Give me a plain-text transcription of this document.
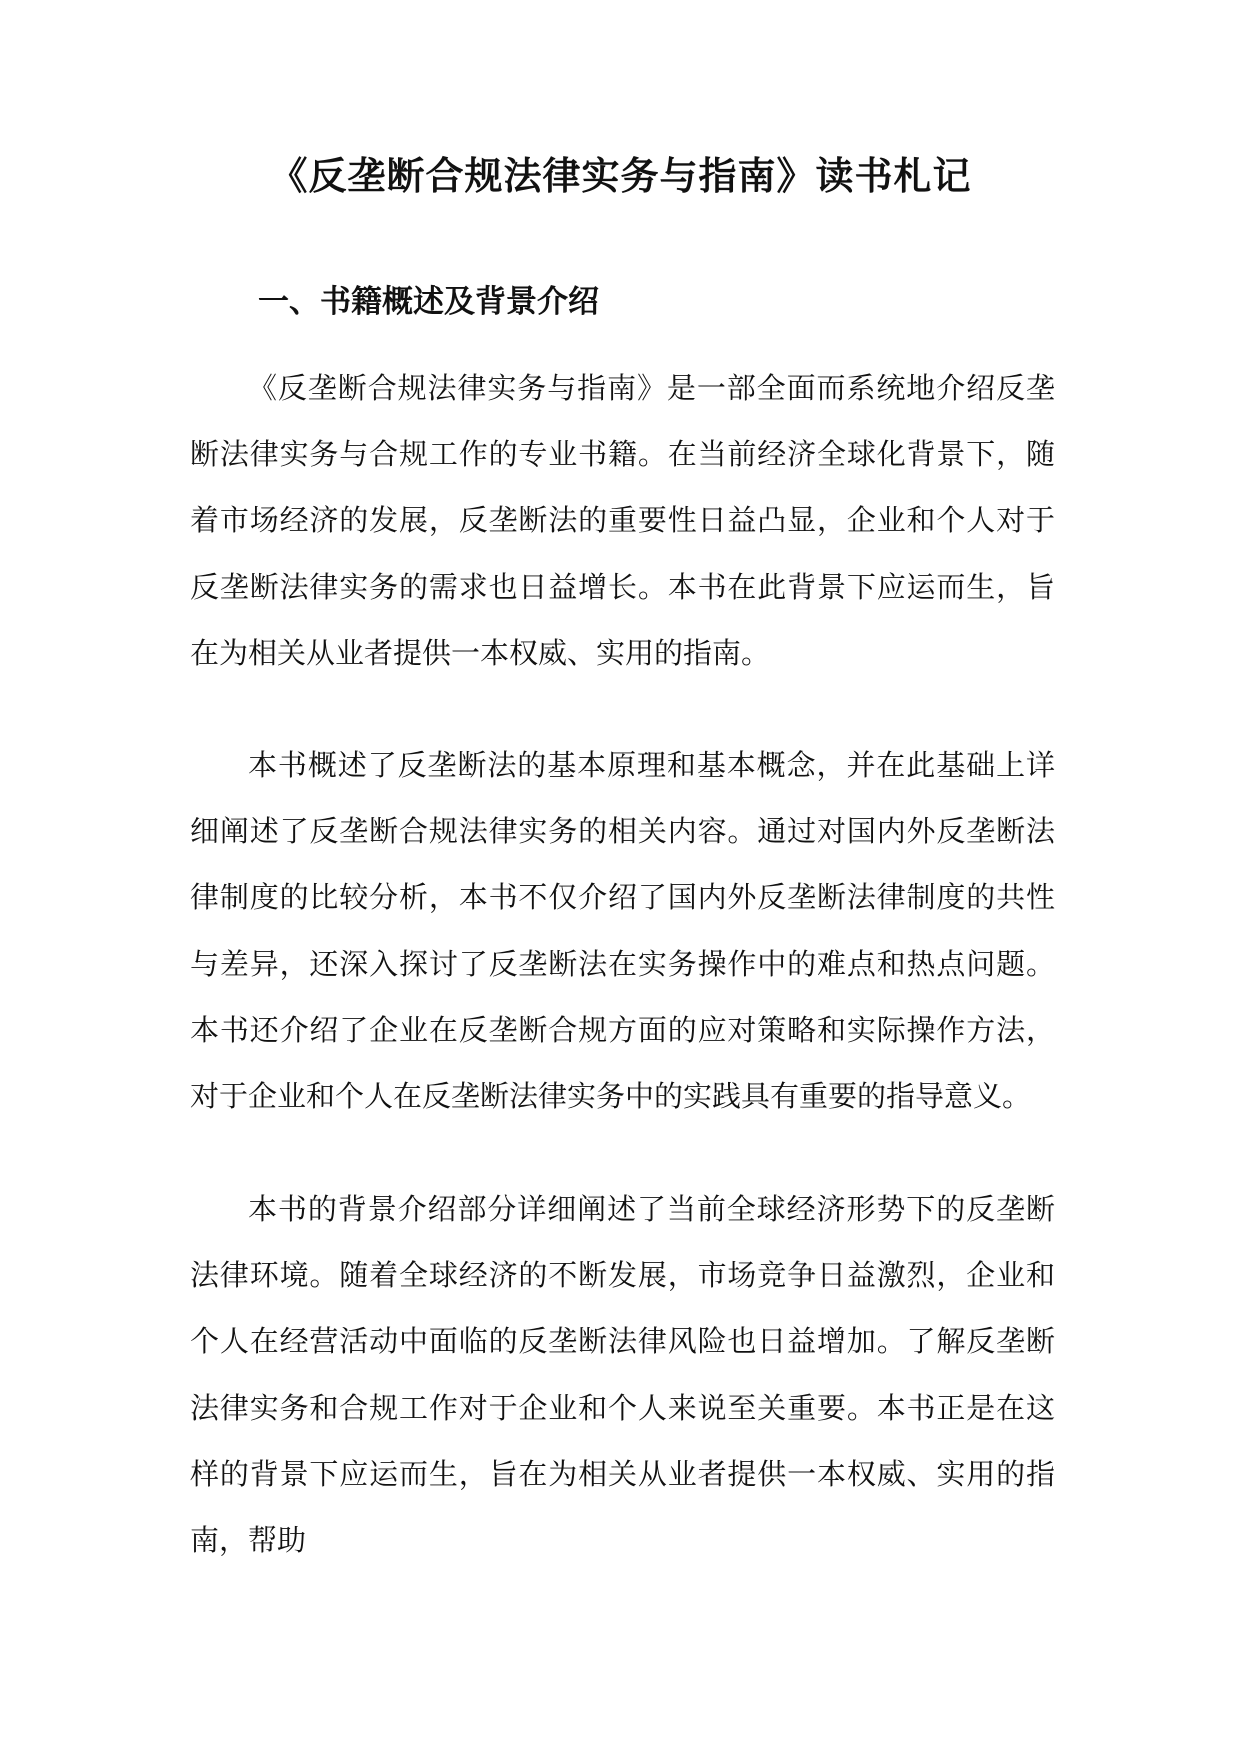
《反垄断合规法律实务与指南》读书札记
一、书籍概述及背景介绍

《反垄断合规法律实务与指南》是一部全面而系统地介绍反垄断法律实务与合规工作的专业书籍。在当前经济全球化背景下，随着市场经济的发展，反垄断法的重要性日益凸显，企业和个人对于反垄断法律实务的需求也日益增长。本书在此背景下应运而生，旨在为相关从业者提供一本权威、实用的指南。

本书概述了反垄断法的基本原理和基本概念，并在此基础上详细阐述了反垄断合规法律实务的相关内容。通过对国内外反垄断法律制度的比较分析，本书不仅介绍了国内外反垄断法律制度的共性与差异，还深入探讨了反垄断法在实务操作中的难点和热点问题。本书还介绍了企业在反垄断合规方面的应对策略和实际操作方法，对于企业和个人在反垄断法律实务中的实践具有重要的指导意义。

本书的背景介绍部分详细阐述了当前全球经济形势下的反垄断法律环境。随着全球经济的不断发展，市场竞争日益激烈，企业和个人在经营活动中面临的反垄断法律风险也日益增加。了解反垄断法律实务和合规工作对于企业和个人来说至关重要。本书正是在这样的背景下应运而生，旨在为相关从业者提供一本权威、实用的指南，帮助
